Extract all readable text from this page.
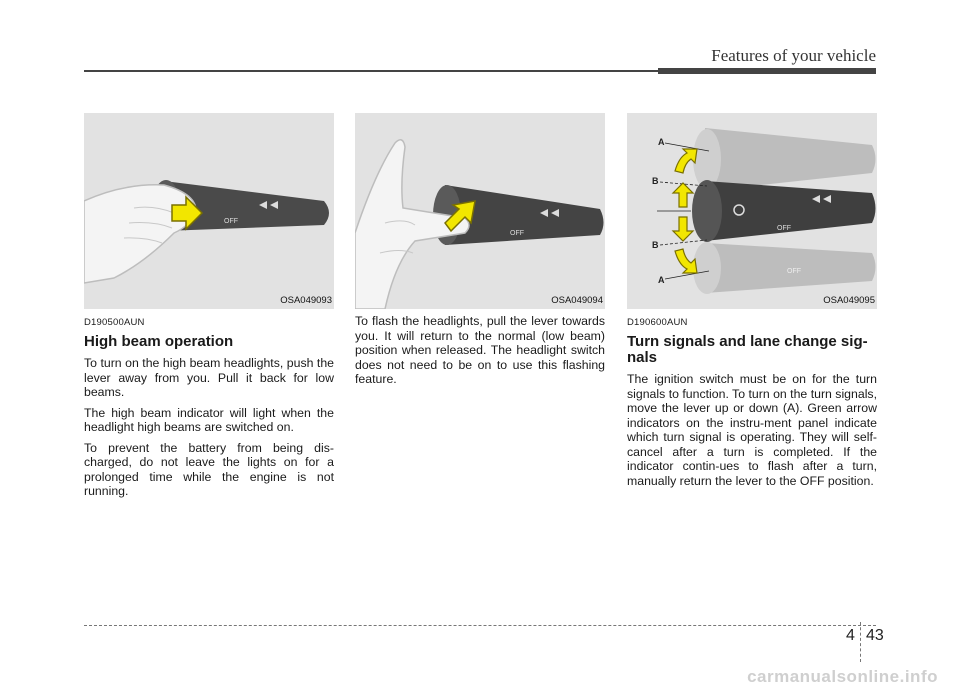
Features of your vehicle
OFF
OSA049093
D190500AUN
High beam operation

To turn on the high beam headlights, push the lever away from you. Pull it back for low beams.

The high beam indicator will light when the headlight high beams are switched on.

To prevent the battery from being dis-charged, do not leave the lights on for a prolonged time while the engine is not running.

OFF
OSA049094

To flash the headlights, pull the lever towards you. It will return to the normal (low beam) position when released. The headlight switch does not need to be on to use this flashing feature.

OFF
OFF
A
B
B
A
OSA049095
D190600AUN
Turn signals and lane change sig-nals

The ignition switch must be on for the turn signals to function. To turn on the turn signals, move the lever up or down (A). Green arrow indicators on the instru-ment panel indicate which turn signal is operating. They will self-cancel after a turn is completed. If the indicator contin-ues to flash after a turn, manually return the lever to the OFF position.

4 43
carmanualsonline.info
